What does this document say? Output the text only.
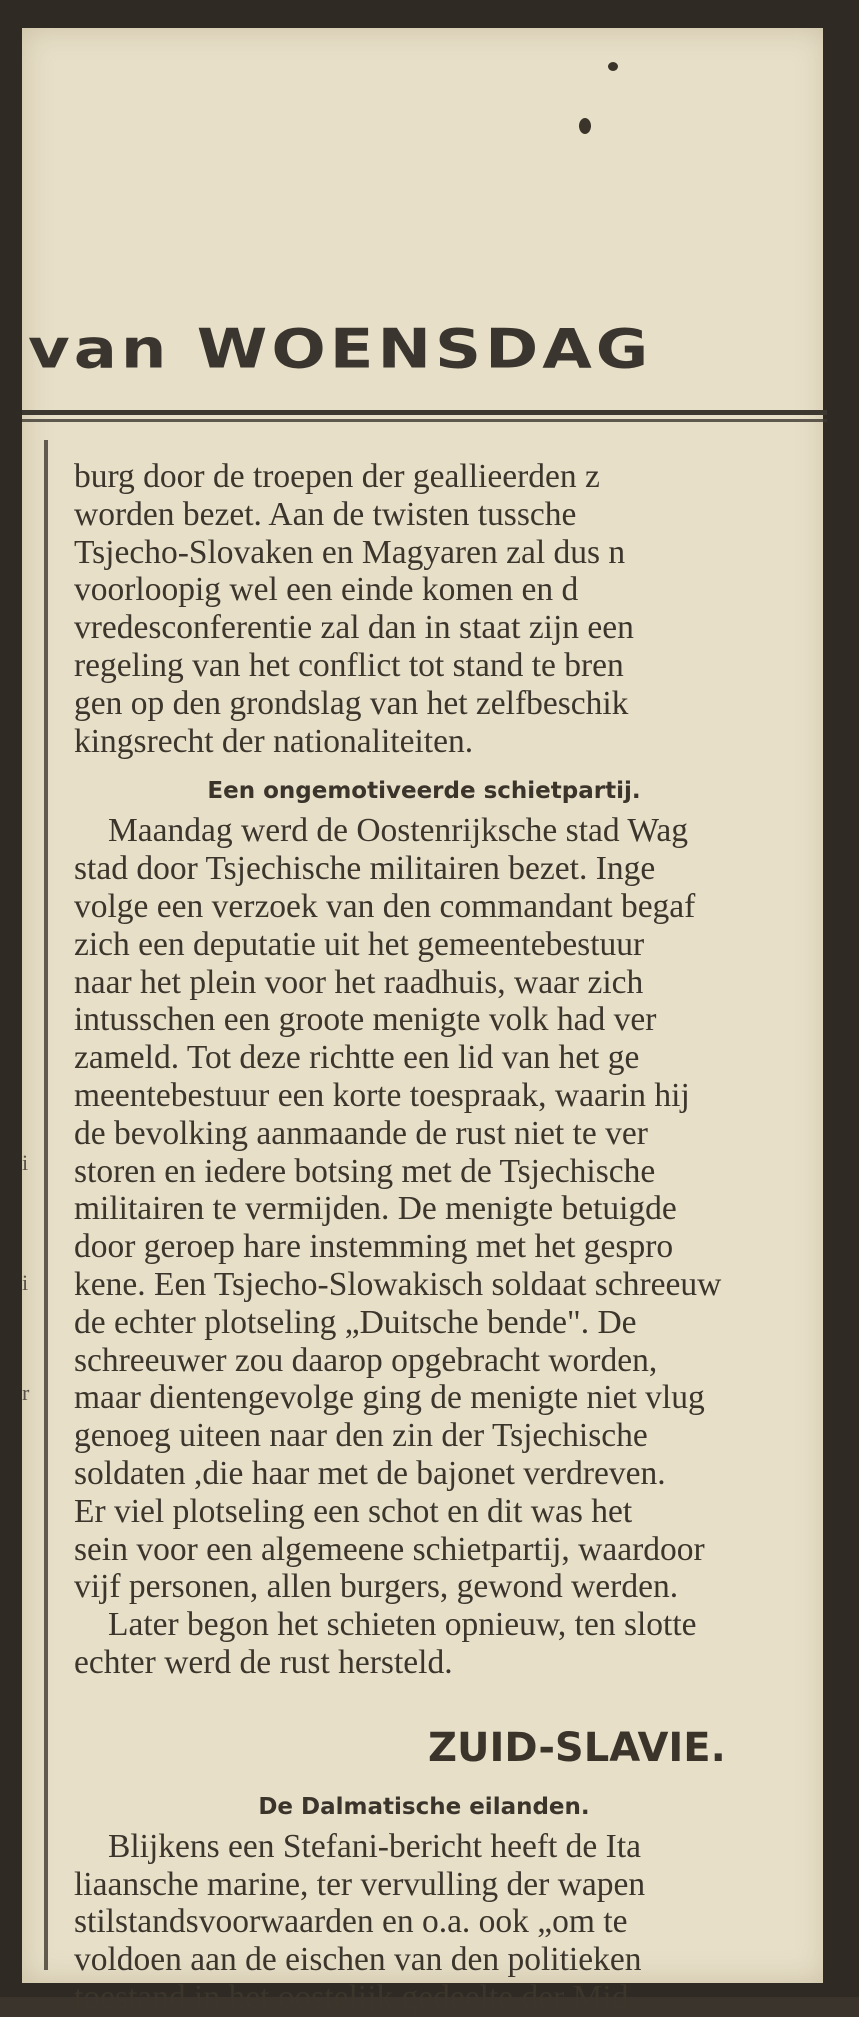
van WOENSDAG
i
i
r
burg door de troepen der geallieerden z
worden bezet. Aan de twisten tussche
Tsjecho-Slovaken en Magyaren zal dus n
voorloopig wel een einde komen en d
vredesconferentie zal dan in staat zijn een
regeling van het conflict tot stand te bren
gen op den grondslag van het zelfbeschik
kingsrecht der nationaliteiten.
Een ongemotiveerde schietpartij.
Maandag werd de Oostenrijksche stad Wag
stad door Tsjechische militairen bezet. Inge
volge een verzoek van den commandant begaf
zich een deputatie uit het gemeentebestuur
naar het plein voor het raadhuis, waar zich
intusschen een groote menigte volk had ver
zameld. Tot deze richtte een lid van het ge
meentebestuur een korte toespraak, waarin hij
de bevolking aanmaande de rust niet te ver
storen en iedere botsing met de Tsjechische
militairen te vermijden. De menigte betuigde
door geroep hare instemming met het gespro
kene. Een Tsjecho-Slowakisch soldaat schreeuw
de echter plotseling „Duitsche bende". De
schreeuwer zou daarop opgebracht worden,
maar dientengevolge ging de menigte niet vlug
genoeg uiteen naar den zin der Tsjechische
soldaten ,die haar met de bajonet verdreven.
Er viel plotseling een schot en dit was het
sein voor een algemeene schietpartij, waardoor
vijf personen, allen burgers, gewond werden.
Later begon het schieten opnieuw, ten slotte
echter werd de rust hersteld.
ZUID-SLAVIE.
De Dalmatische eilanden.
Blijkens een Stefani-bericht heeft de Ita
liaansche marine, ter vervulling der wapen
stilstandsvoorwaarden en o.a. ook „om te
voldoen aan de eischen van den politieken
toestand in het oostelijk gedeelte der Mid
